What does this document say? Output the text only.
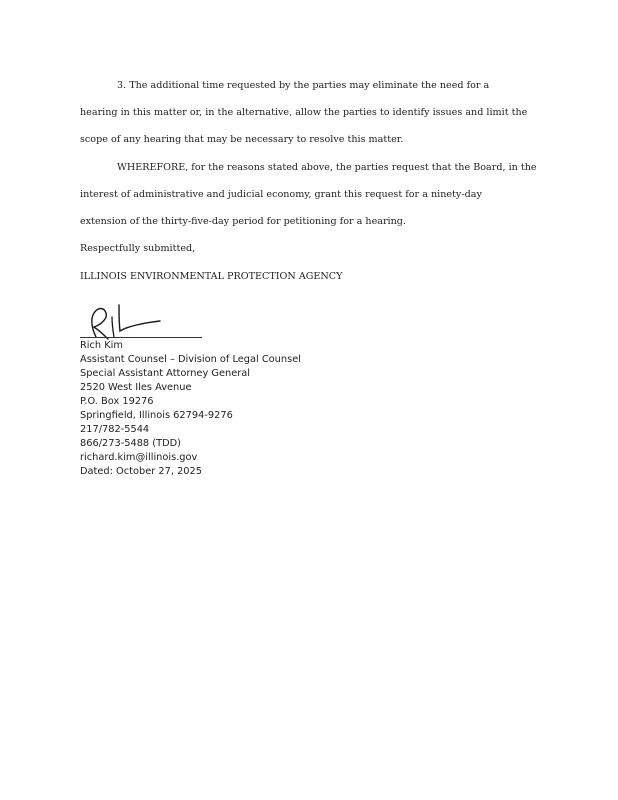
3. The additional time requested by the parties may eliminate the need for a
hearing in this matter or, in the alternative, allow the parties to identify issues and limit the
scope of any hearing that may be necessary to resolve this matter.
WHEREFORE, for the reasons stated above, the parties request that the Board, in the
interest of administrative and judicial economy, grant this request for a ninety-day
extension of the thirty-five-day period for petitioning for a hearing.
Respectfully submitted,
ILLINOIS ENVIRONMENTAL PROTECTION AGENCY
Rich Kim
Assistant Counsel – Division of Legal Counsel
Special Assistant Attorney General
2520 West Iles Avenue
P.O. Box 19276
Springfield, Illinois 62794-9276
217/782-5544
866/273-5488 (TDD)
richard.kim@illinois.gov
Dated: October 27, 2025
